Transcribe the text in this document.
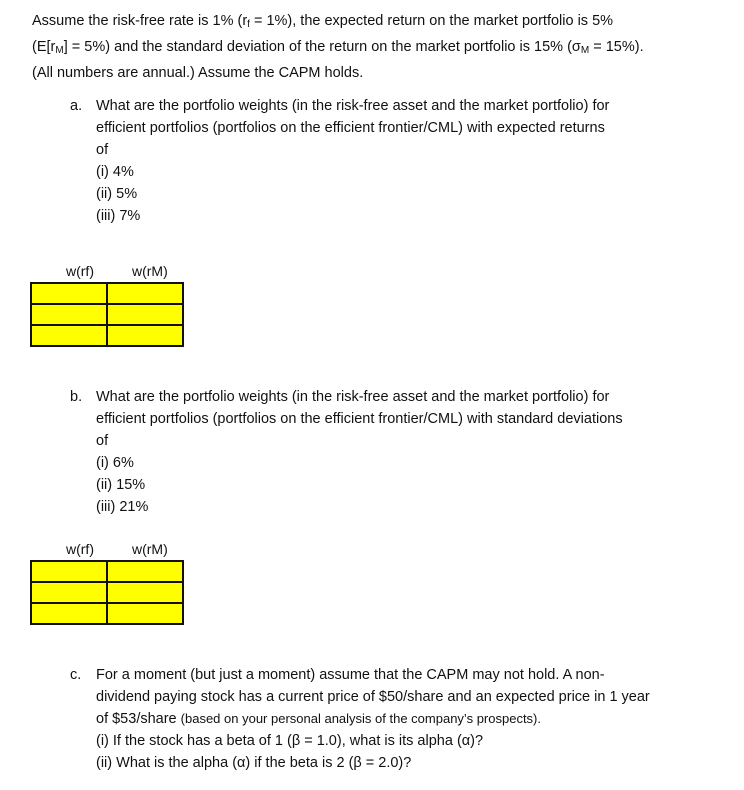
Assume the risk-free rate is 1% $(r_f = 1\%)$, the expected return on the market portfolio is 5%

$(E[r_M] = 5\%)$ and the standard deviation of the return on the market portfolio is 15% $(\sigma_M = 15\%)$.

(All numbers are annual.) Assume the CAPM holds.

a. What are the portfolio weights (in the risk-free asset and the market portfolio) for

efficient portfolios (portfolios on the efficient frontier/CML) with expected returns

of

(i) 4%
(ii) 5%
(iii) 7%
w(rf)	w(rM)

b. What are the portfolio weights (in the risk-free asset and the market portfolio) for

efficient portfolios (portfolios on the efficient frontier/CML) with standard deviations

of

(i) 6%
(ii) 15%
(iii) 21%
w(rf)	w(rM)

c. For a moment (but just a moment) assume that the CAPM may not hold. A non-

dividend paying stock has a current price of $50/share and an expected price in 1 year

of $53/share (based on your personal analysis of the company’s prospects).

(i) If the stock has a beta of 1 (β = 1.0), what is its alpha (α)?

(ii) What is the alpha (α) if the beta is 2 (β = 2.0)?
